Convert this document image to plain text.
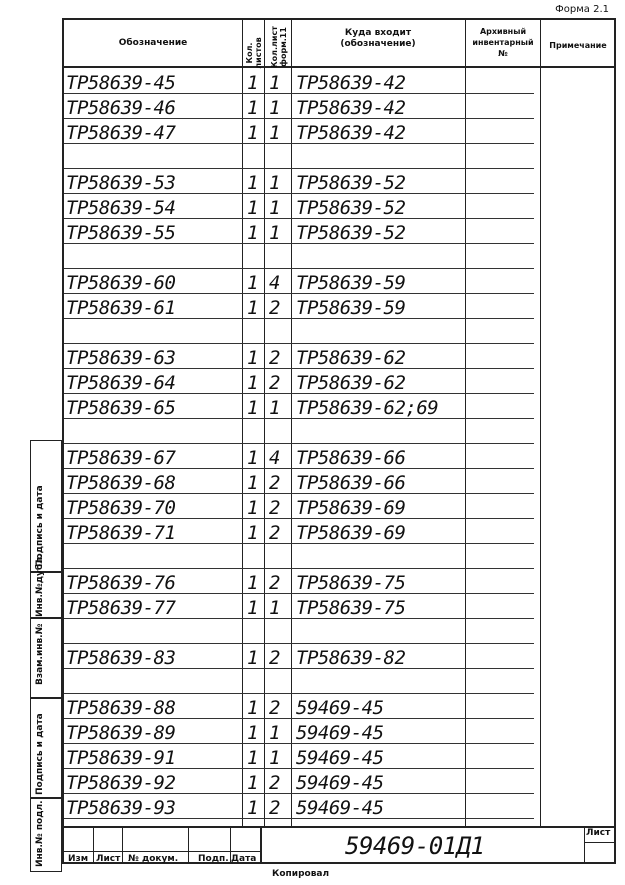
Форма 2.1
Обозначение	Кол. листов Кол.лист форм.11	Куда входит (обозначение)
Архивный инвентарный №
Примечание
ТР58639-45	1 1 ТР58639-42
ТР58639-46	1 1 ТР58639-42
ТР58639-47	1 1 ТР58639-42
ТР58639-53	1 1 ТР58639-52
ТР58639-54	1 1 ТР58639-52
ТР58639-55	1 1 ТР58639-52
ТР58639-60	1 4 ТР58639-59
ТР58639-61	1 2 ТР58639-59
ТР58639-63	1 2 ТР58639-62
ТР58639-64	1 2 ТР58639-62
ТР58639-65	1 1 ТР58639-62;69
ТР58639-67	1 4 ТР58639-66
ТР58639-68	1 2 ТР58639-66
ТР58639-70	1 2 ТР58639-69
ТР58639-71	1 2 ТР58639-69
ТР58639-76	1 2 ТР58639-75
ТР58639-77	1 1 ТР58639-75
ТР58639-83	1 2 ТР58639-82
ТР58639-88	1 2 59469-45
ТР58639-89	1 1 59469-45
ТР58639-91	1 1 59469-45
ТР58639-92	1 2 59469-45
ТР58639-93	1 2 59469-45
Подпись и дата
Инв.№дубл.
Взам.инв.№
Подпись и дата
Инв.№ подл.	Изм Лист № докум. Подп. Дата
Лист
59469-01Д1
Копировал
